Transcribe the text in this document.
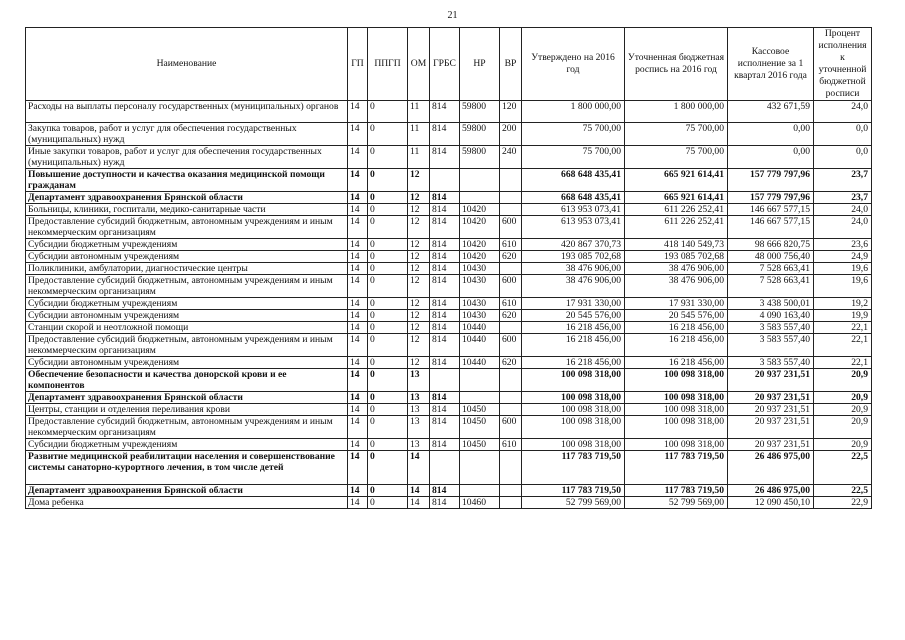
21
Наименование	ГП	ППГП	ОМ	ГРБС	НР	ВР	Утверждено на 2016 год	Уточненная бюджетная роспись на 2016 год	Кассовое исполнение за 1 квартал 2016 года	Процент исполнения к уточненной бюджетной росписи
Расходы на выплаты персоналу государственных (муниципальных) органов	14	0	11	814	59800	120	1 800 000,00	1 800 000,00	432 671,59	24,0
Закупка товаров, работ и услуг для обеспечения государственных (муниципальных) нужд	14	0	11	814	59800	200	75 700,00	75 700,00	0,00	0,0
Иные закупки товаров, работ и услуг для обеспечения государственных (муниципальных) нужд	14	0	11	814	59800	240	75 700,00	75 700,00	0,00	0,0
Повышение доступности и качества оказания медицинской помощи гражданам	14	0	12				668 648 435,41	665 921 614,41	157 779 797,96	23,7
Департамент здравоохранения Брянской области	14	0	12	814			668 648 435,41	665 921 614,41	157 779 797,96	23,7
Больницы, клиники, госпитали, медико-санитарные части	14	0	12	814	10420		613 953 073,41	611 226 252,41	146 667 577,15	24,0
Предоставление субсидий бюджетным, автономным учреждениям и иным некоммерческим организациям	14	0	12	814	10420	600	613 953 073,41	611 226 252,41	146 667 577,15	24,0
Субсидии бюджетным учреждениям	14	0	12	814	10420	610	420 867 370,73	418 140 549,73	98 666 820,75	23,6
Субсидии автономным учреждениям	14	0	12	814	10420	620	193 085 702,68	193 085 702,68	48 000 756,40	24,9
Поликлиники, амбулатории, диагностические центры	14	0	12	814	10430		38 476 906,00	38 476 906,00	7 528 663,41	19,6
Предоставление субсидий бюджетным, автономным учреждениям и иным некоммерческим организациям	14	0	12	814	10430	600	38 476 906,00	38 476 906,00	7 528 663,41	19,6
Субсидии бюджетным учреждениям	14	0	12	814	10430	610	17 931 330,00	17 931 330,00	3 438 500,01	19,2
Субсидии автономным учреждениям	14	0	12	814	10430	620	20 545 576,00	20 545 576,00	4 090 163,40	19,9
Станции скорой и неотложной помощи	14	0	12	814	10440		16 218 456,00	16 218 456,00	3 583 557,40	22,1
Предоставление субсидий бюджетным, автономным учреждениям и иным некоммерческим организациям	14	0	12	814	10440	600	16 218 456,00	16 218 456,00	3 583 557,40	22,1
Субсидии автономным учреждениям	14	0	12	814	10440	620	16 218 456,00	16 218 456,00	3 583 557,40	22,1
Обеспечение безопасности и качества донорской крови и ее компонентов	14	0	13				100 098 318,00	100 098 318,00	20 937 231,51	20,9
Департамент здравоохранения Брянской области	14	0	13	814			100 098 318,00	100 098 318,00	20 937 231,51	20,9
Центры, станции и отделения переливания крови	14	0	13	814	10450		100 098 318,00	100 098 318,00	20 937 231,51	20,9
Предоставление субсидий бюджетным, автономным учреждениям и иным некоммерческим организациям	14	0	13	814	10450	600	100 098 318,00	100 098 318,00	20 937 231,51	20,9
Субсидии бюджетным учреждениям	14	0	13	814	10450	610	100 098 318,00	100 098 318,00	20 937 231,51	20,9
Развитие медицинской реабилитации населения и совершенствование системы санаторно-курортного лечения, в том числе детей	14	0	14				117 783 719,50	117 783 719,50	26 486 975,00	22,5
Департамент здравоохранения Брянской области	14	0	14	814			117 783 719,50	117 783 719,50	26 486 975,00	22,5
Дома ребенка	14	0	14	814	10460		52 799 569,00	52 799 569,00	12 090 450,10	22,9
